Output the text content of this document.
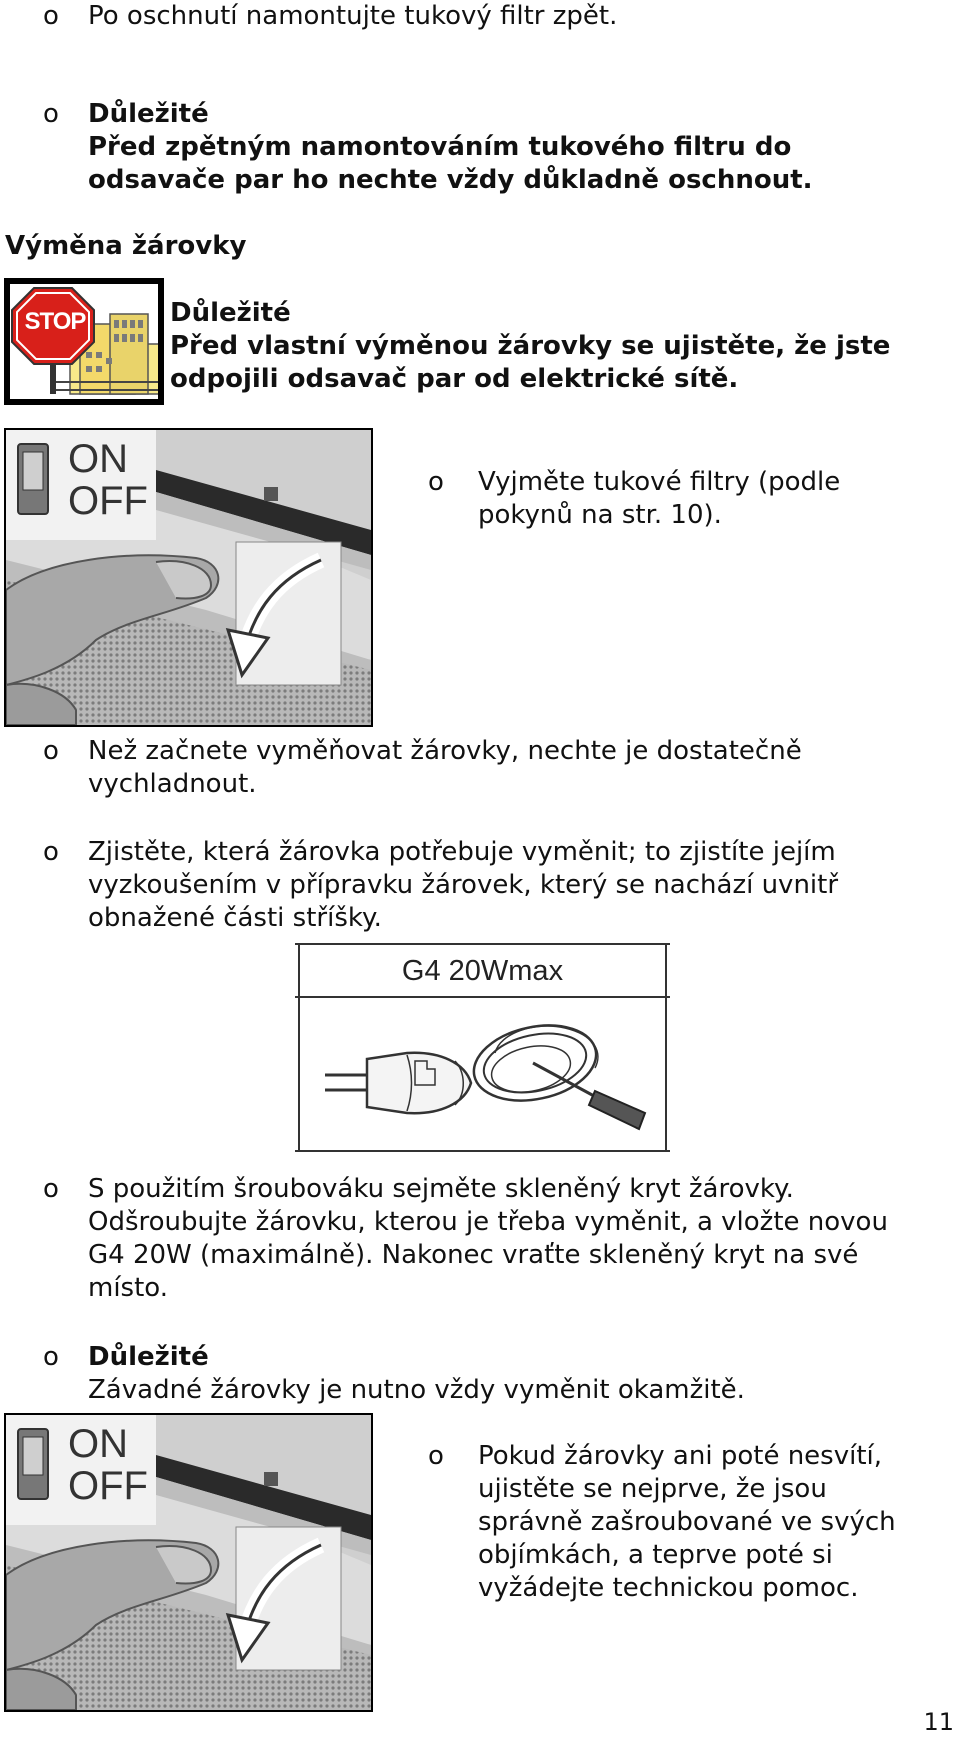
o Po oschnutí namontujte tukový filtr zpět.
o Důležité
Před zpětným namontováním tukového filtru do
odsavače par ho nechte vždy důkladně oschnout.
Výměna žárovky
STOP	Důležité
Před vlastní výměnou žárovky se ujistěte, že jste
odpojili odsavač par od elektrické sítě.
ON
OFF	o Vyjměte tukové filtry (podle
pokynů na str. 10).
o Než začnete vyměňovat žárovky, nechte je dostatečně
vychladnout.
o Zjistěte, která žárovka potřebuje vyměnit; to zjistíte jejím
vyzkoušením v přípravku žárovek, který se nachází uvnitř
obnažené části stříšky.
G4 20Wmax
o S použitím šroubováku sejměte skleněný kryt žárovky.
Odšroubujte žárovku, kterou je třeba vyměnit, a vložte novou
G4 20W (maximálně). Nakonec vraťte skleněný kryt na své
místo.
o Důležité
Závadné žárovky je nutno vždy vyměnit okamžitě.
ON
OFF
o Pokud žárovky ani poté nesvítí,
ujistěte se nejprve, že jsou
správně zašroubované ve svých
objímkách, a teprve poté si
vyžádejte technickou pomoc.
11
